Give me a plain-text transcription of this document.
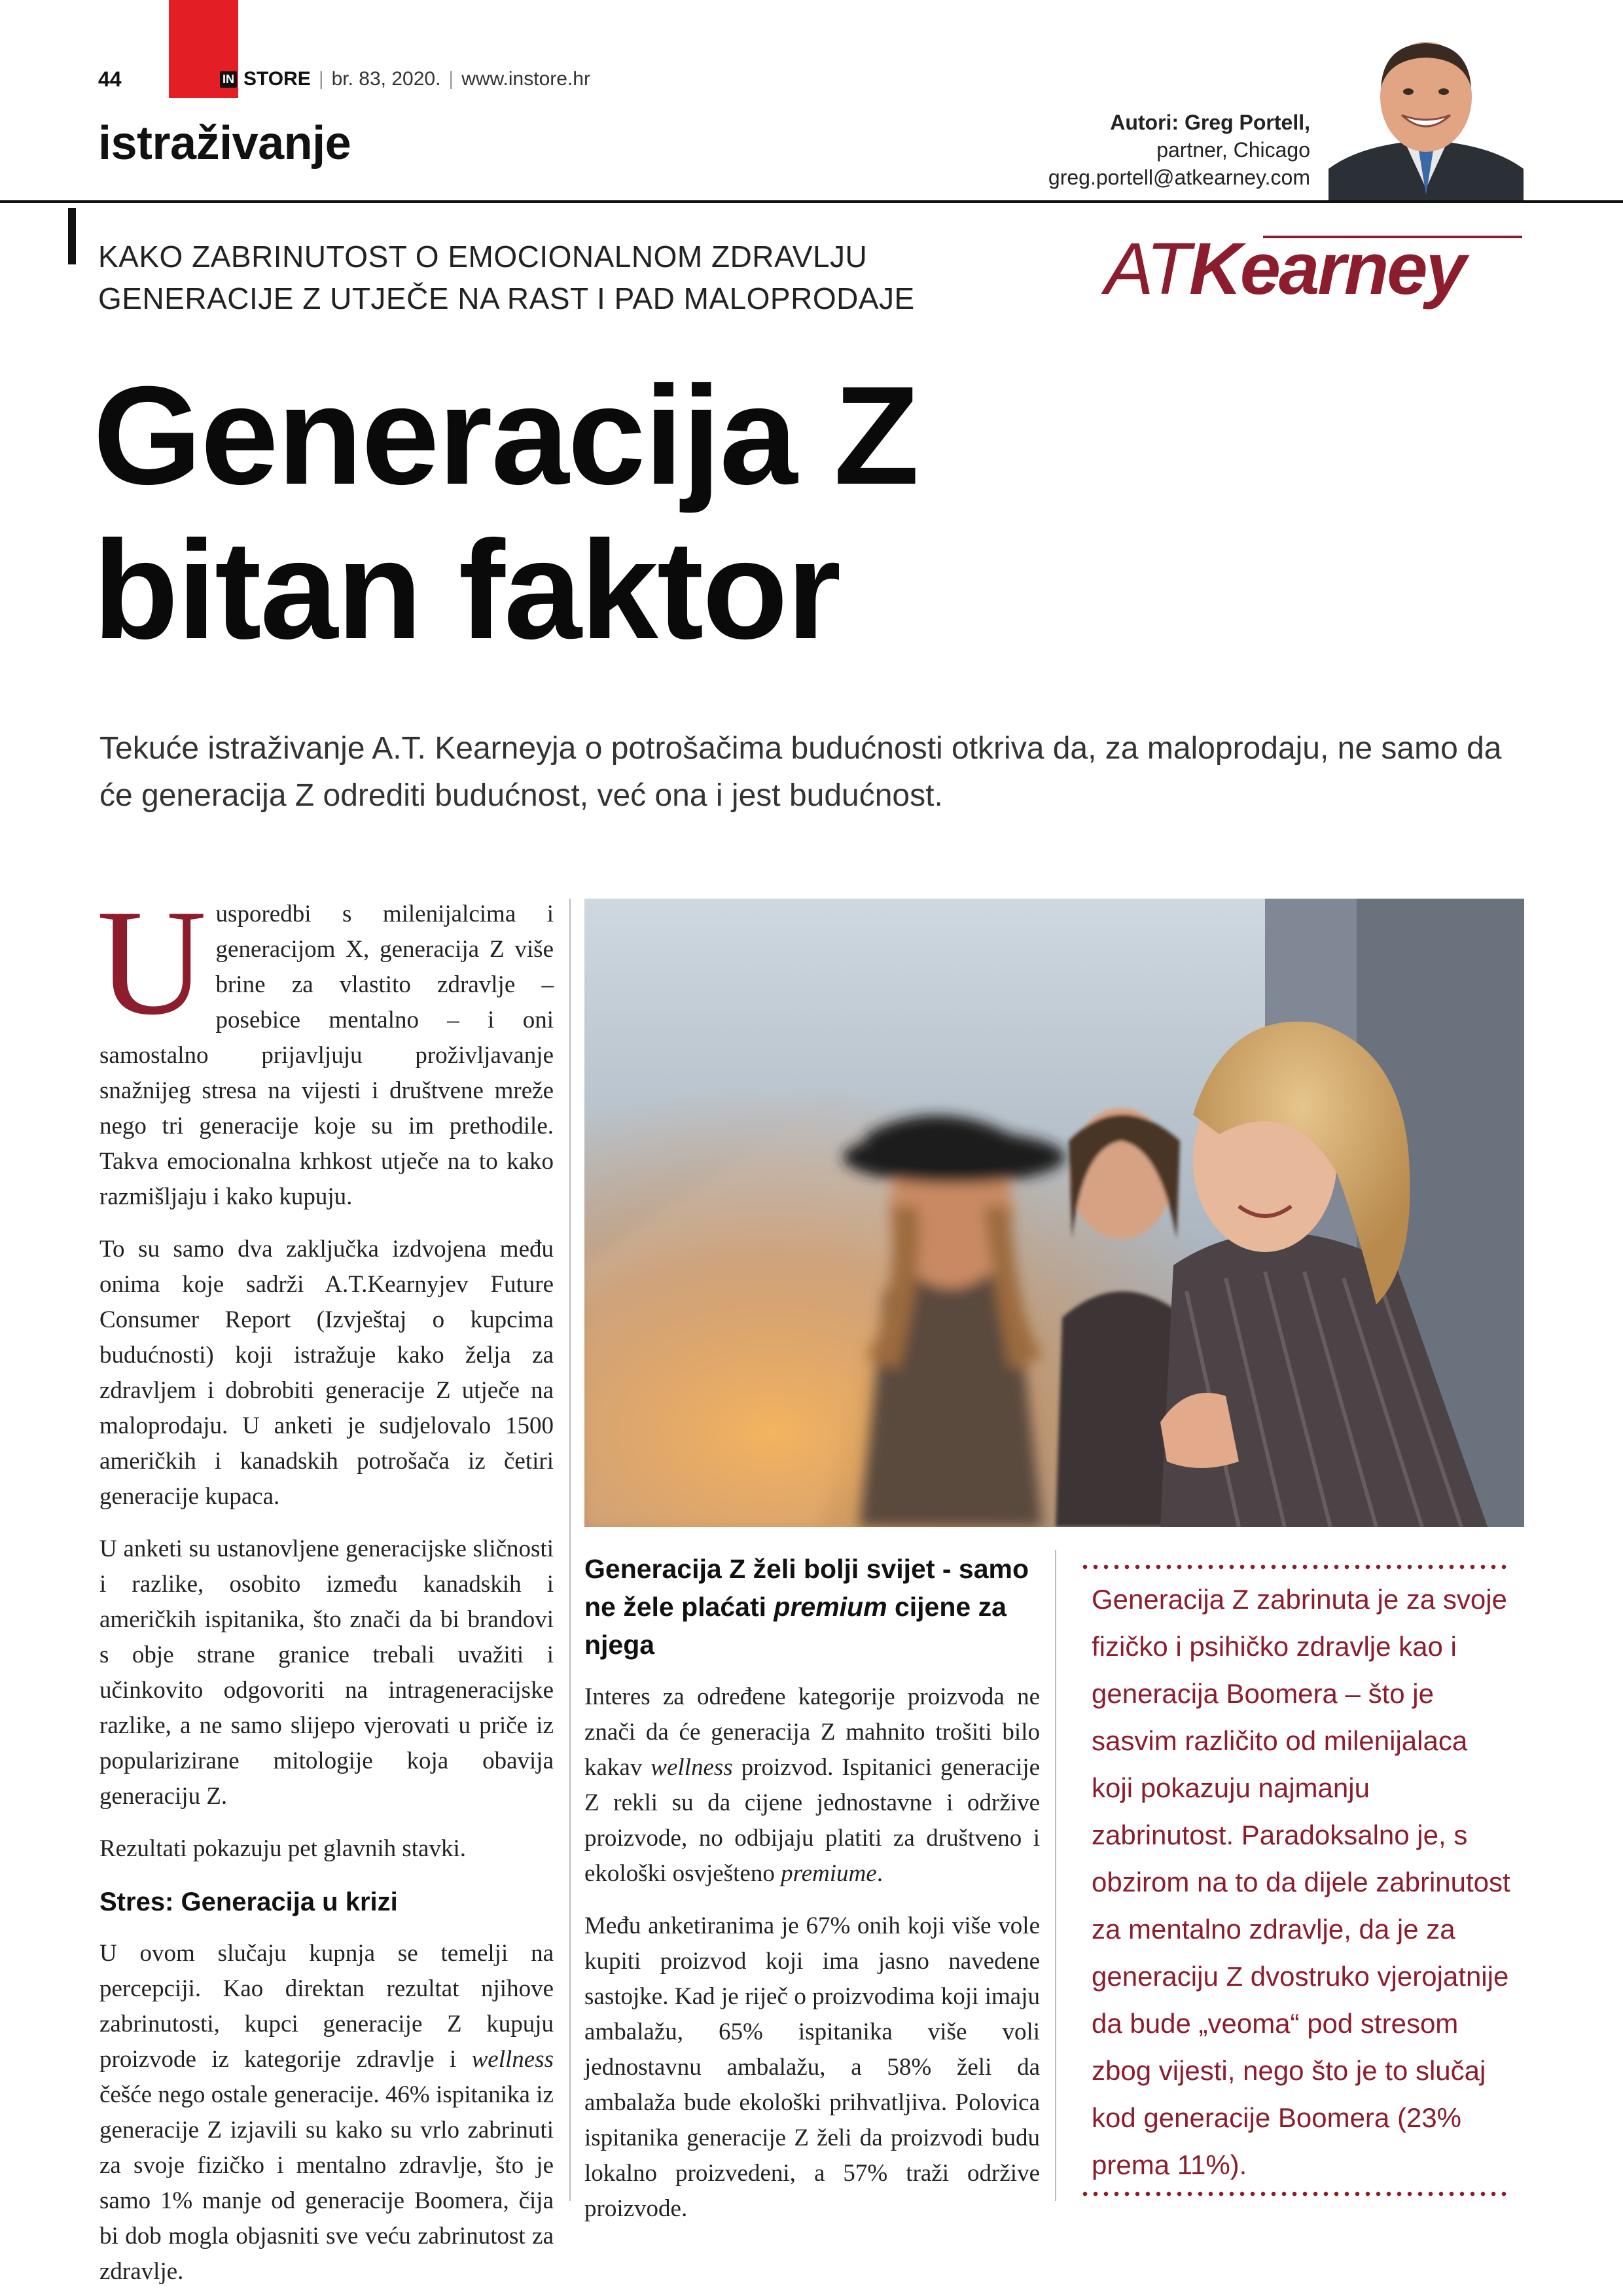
44	IN STORE | br. 83, 2020. | www.instore.hr
istraživanje	Autori: Greg Portell,
partner, Chicago
greg.portell@atkearney.com
KAKO ZABRINUTOST O EMOCIONALNOM ZDRAVLJU
GENERACIJE Z UTJEČE NA RAST I PAD MALOPRODAJE	ATKearney
Generacija Z
bitan faktor
Tekuće istraživanje A.T. Kearneyja o potrošačima budućnosti otkriva da, za maloprodaju, ne samo da će generacija Z odrediti budućnost, već ona i jest budućnost.

Uusporedbi s milenijalcima i generacijom X, generacija Z više brine za vlastito zdravlje – posebice mentalno – i oni samostalno prijavljuju proživljavanje snažnijeg stresa na vijesti i društvene mreže nego tri generacije koje su im prethodile. Takva emocionalna krhkost utječe na to kako razmišljaju i kako kupuju.

To su samo dva zaključka izdvojena među onima koje sadrži A.T.Kearnyjev Future Consumer Report (Izvještaj o kupcima budućnosti) koji istražuje kako želja za zdravljem i dobrobiti generacije Z utječe na maloprodaju. U anketi je sudjelovalo 1500 američkih i kanadskih potrošača iz četiri generacije kupaca.

U anketi su ustanovljene generacijske sličnosti i razlike, osobito između kanadskih i američkih ispitanika, što znači da bi brandovi s obje strane granice trebali uvažiti i učinkovito odgovoriti na intrageneracijske razlike, a ne samo slijepo vjerovati u priče iz popularizirane mitologije koja obavija generaciju Z.

Rezultati pokazuju pet glavnih stavki.

Stres: Generacija u krizi

U ovom slučaju kupnja se temelji na percepciji. Kao direktan rezultat njihove zabrinutosti, kupci generacije Z kupuju proizvode iz kategorije zdravlje i wellness češće nego ostale generacije. 46% ispitanika iz generacije Z izjavili su kako su vrlo zabrinuti za svoje fizičko i mentalno zdravlje, što je samo 1% manje od generacije Boomera, čija bi dob mogla objasniti sve veću zabrinutost za zdravlje.

Generacija Z želi bolji svijet - samo ne žele plaćati premium cijene za njega

Interes za određene kategorije proizvoda ne znači da će generacija Z mahnito trošiti bilo kakav wellness proizvod. Ispitanici generacije Z rekli su da cijene jednostavne i održive proizvode, no odbijaju platiti za društveno i ekološki osvješteno premiume.

Među anketiranima je 67% onih koji više vole kupiti proizvod koji ima jasno navedene sastojke. Kad je riječ o proizvodima koji imaju ambalažu, 65% ispitanika više voli jednostavnu ambalažu, a 58% želi da ambalaža bude ekološki prihvatljiva. Polovica ispitanika generacije Z želi da proizvodi budu lokalno proizvedeni, a 57% traži održive proizvode.

Generacija Z zabrinuta je za svoje fizičko i psihičko zdravlje kao i generacija Boomera – što je sasvim različito od milenijalaca koji pokazuju najmanju zabrinutost. Paradoksalno je, s obzirom na to da dijele zabrinutost za mentalno zdravlje, da je za generaciju Z dvostruko vjerojatnije da bude „veoma“ pod stresom zbog vijesti, nego što je to slučaj kod generacije Boomera (23% prema 11%).
